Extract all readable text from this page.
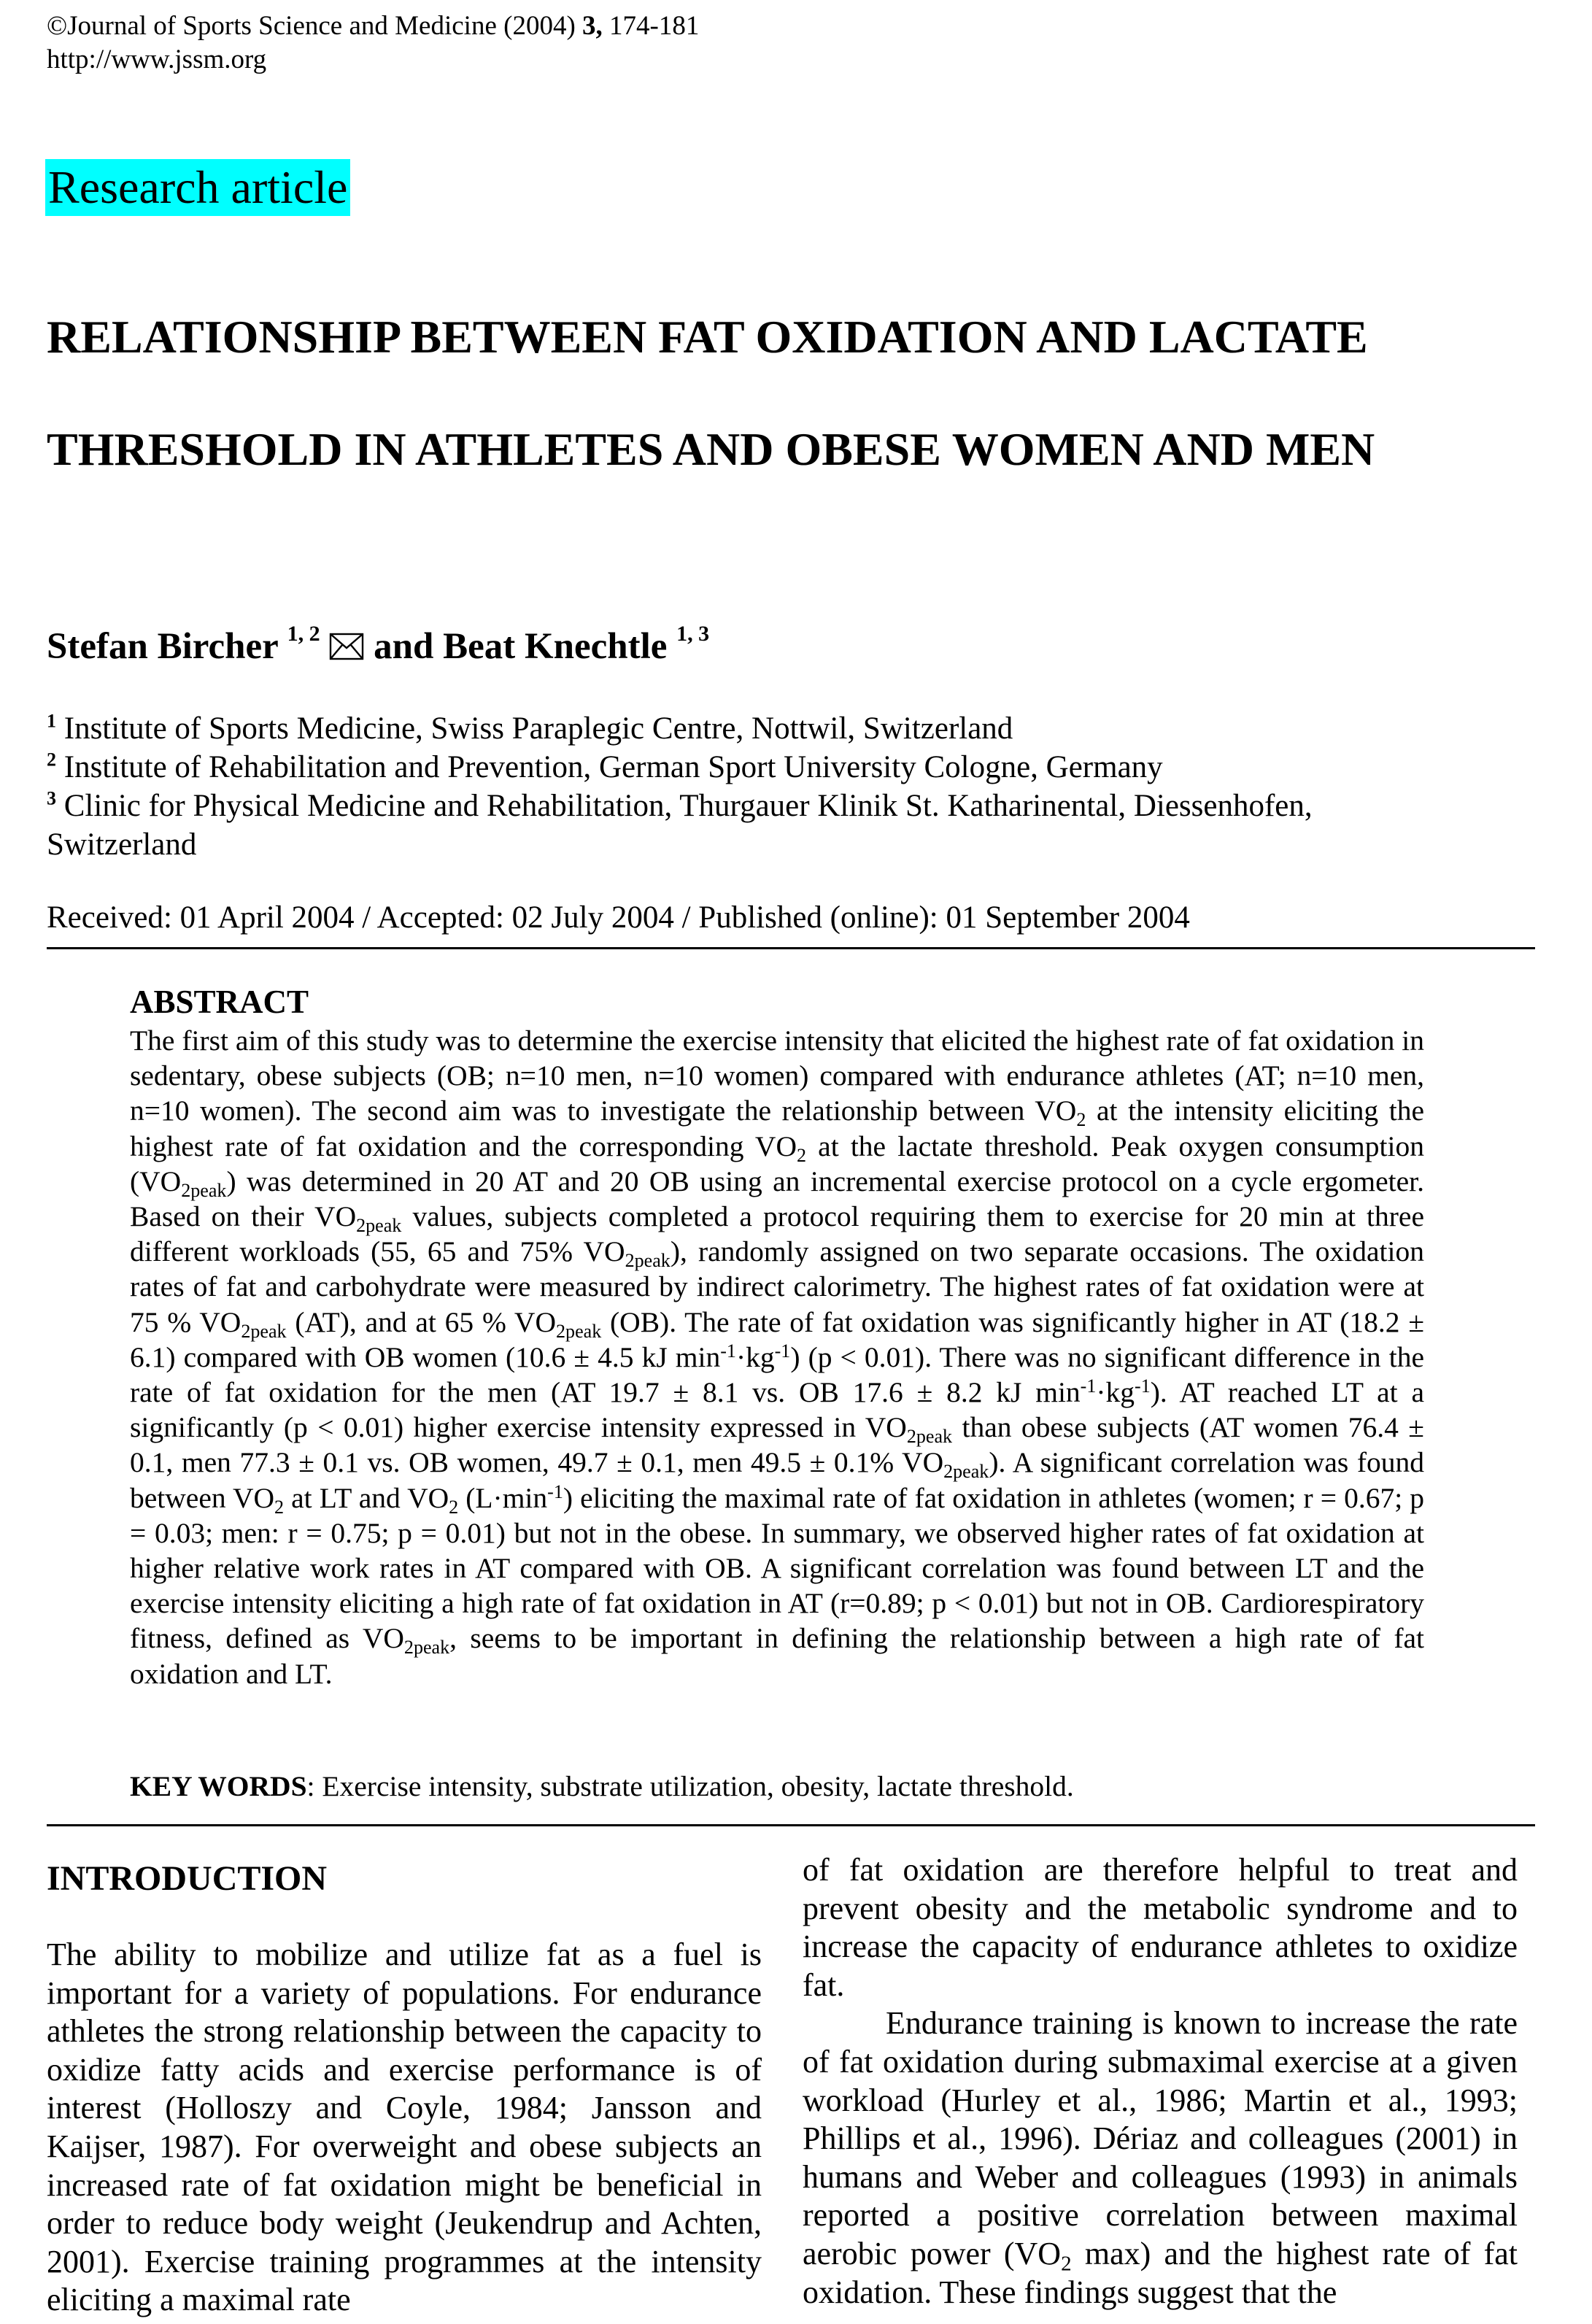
©Journal of Sports Science and Medicine (2004) 3, 174-181
http://www.jssm.org
Research article
RELATIONSHIP BETWEEN FAT OXIDATION AND LACTATE
THRESHOLD IN ATHLETES AND OBESE WOMEN AND MEN
Stefan Bircher $^{1, 2}$  and Beat Knechtle $^{1, 3}$
$^1$ Institute of Sports Medicine, Swiss Paraplegic Centre, Nottwil, Switzerland
$^2$ Institute of Rehabilitation and Prevention, German Sport University Cologne, Germany
$^3$ Clinic for Physical Medicine and Rehabilitation, Thurgauer Klinik St. Katharinental, Diessenhofen, Switzerland
Received: 01 April 2004 / Accepted: 02 July 2004 / Published (online): 01 September 2004
ABSTRACT
The first aim of this study was to determine the exercise intensity that elicited the highest rate of fat oxidation in sedentary, obese subjects (OB; n=10 men, n=10 women) compared with endurance athletes (AT; n=10 men, n=10 women). The second aim was to investigate the relationship between $VO_2$ at the intensity eliciting the highest rate of fat oxidation and the corresponding $VO_2$ at the lactate threshold. Peak oxygen consumption $(VO_{2peak})$ was determined in 20 AT and 20 OB using an incremental exercise protocol on a cycle ergometer. Based on their $VO_{2peak}$ values, subjects completed a protocol requiring them to exercise for 20 min at three different workloads (55, 65 and 75% $VO_{2peak}$), randomly assigned on two separate occasions. The oxidation rates of fat and carbohydrate were measured by indirect calorimetry. The highest rates of fat oxidation were at 75 % $VO_{2peak}$ (AT), and at 65 % $VO_{2peak}$ (OB). The rate of fat oxidation was significantly higher in AT (18.2 ± 6.1) compared with OB women (10.6 ± 4.5 kJ $\min^{-1}\cdot kg^{-1}$) (p < 0.01). There was no significant difference in the rate of fat oxidation for the men (AT 19.7 ± 8.1 vs. OB 17.6 ± 8.2 kJ $\min^{-1}\cdot kg^{-1}$). AT reached LT at a significantly (p < 0.01) higher exercise intensity expressed in $VO_{2peak}$ than obese subjects (AT women 76.4 ± 0.1, men 77.3 ± 0.1 vs. OB women, 49.7 ± 0.1, men 49.5 ± 0.1% $VO_{2peak}$). A significant correlation was found between $VO_2$ at LT and $VO_2$ $(L\cdot\min^{-1})$ eliciting the maximal rate of fat oxidation in athletes (women; r = 0.67; p = 0.03; men: r = 0.75; p = 0.01) but not in the obese. In summary, we observed higher rates of fat oxidation at higher relative work rates in AT compared with OB. A significant correlation was found between LT and the exercise intensity eliciting a high rate of fat oxidation in AT (r=0.89; p < 0.01) but not in OB. Cardiorespiratory fitness, defined as $VO_{2peak}$, seems to be important in defining the relationship between a high rate of fat oxidation and LT.
KEY WORDS: Exercise intensity, substrate utilization, obesity, lactate threshold.
INTRODUCTION

The ability to mobilize and utilize fat as a fuel is important for a variety of populations. For endurance athletes the strong relationship between the capacity to oxidize fatty acids and exercise performance is of interest (Holloszy and Coyle, 1984; Jansson and Kaijser, 1987). For overweight and obese subjects an increased rate of fat oxidation might be beneficial in order to reduce body weight (Jeukendrup and Achten, 2001). Exercise training programmes at the intensity eliciting a maximal rate

of fat oxidation are therefore helpful to treat and prevent obesity and the metabolic syndrome and to increase the capacity of endurance athletes to oxidize fat.

Endurance training is known to increase the rate of fat oxidation during submaximal exercise at a given workload (Hurley et al., 1986; Martin et al., 1993; Phillips et al., 1996). Dériaz and colleagues (2001) in humans and Weber and colleagues (1993) in animals reported a positive correlation between maximal aerobic power ($VO_2$ max) and the highest rate of fat oxidation. These findings suggest that the
